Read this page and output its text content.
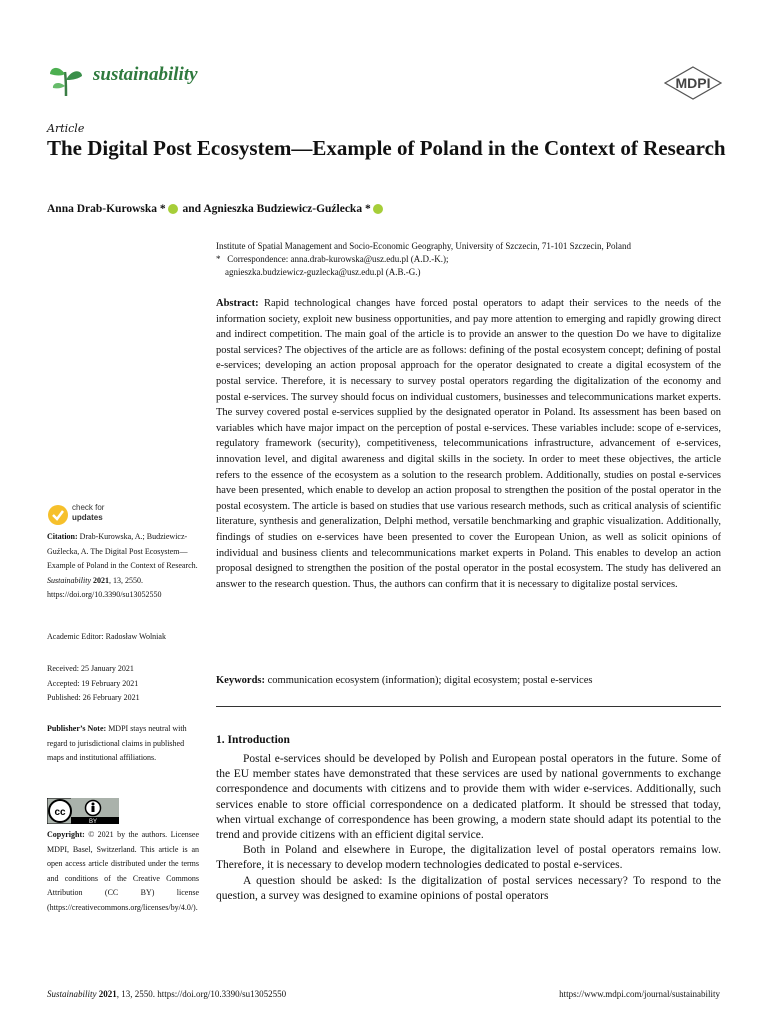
sustainability	MDPI
Article
The Digital Post Ecosystem—Example of Poland in the Context of Research
Anna Drab-Kurowska * and Agnieszka Budziewicz-Guźlecka *
Institute of Spatial Management and Socio-Economic Geography, University of Szczecin, 71-101 Szczecin, Poland
* Correspondence: anna.drab-kurowska@usz.edu.pl (A.D.-K.);
agnieszka.budziewicz-guzlecka@usz.edu.pl (A.B.-G.)
Abstract: Rapid technological changes have forced postal operators to adapt their services to the needs of the information society, exploit new business opportunities, and pay more attention to emerging and rapidly growing direct and indirect competition. The main goal of the article is to provide an answer to the question Do we have to digitalize postal services? The objectives of the article are as follows: defining of the postal ecosystem concept; defining of postal e-services; developing an action proposal approach for the operator designated to create a digital ecosystem of the postal service. Therefore, it is necessary to survey postal operators regarding the digitalization of the economy and postal e-services. The survey should focus on individual customers, businesses and telecommunications market experts. The survey covered postal e-services supplied by the designated operator in Poland. Its assessment has been based on variables which have major impact on the perception of postal e-services. These variables include: scope of e-services, regulatory framework (security), competitiveness, telecommunications infrastructure, advancement of e-services, innovation level, and digital awareness and digital skills in the society. In order to meet these objectives, the article refers to the essence of the ecosystem as a solution to the research problem. Additionally, studies on postal e-services have been presented, which enable to develop an action proposal to strengthen the position of the postal operator in the postal ecosystem. The article is based on studies that use various research methods, such as critical analysis of scientific literature, synthesis and generalization, Delphi method, versatile benchmarking and graphic visualization. Additionally, findings of studies on e-services have been presented to cover the European Union, as well as solicit opinions of individual and business clients and telecommunications market experts in Poland. This enables to develop an action proposal designed to strengthen the position of the postal operator in the postal ecosystem. The study has delivered an answer to the research question. Thus, the authors can confirm that it is necessary to digitalize postal services.
Keywords: communication ecosystem (information); digital ecosystem; postal e-services
1. Introduction

Postal e-services should be developed by Polish and European postal operators in the future. Some of the EU member states have demonstrated that these services are used by national governments to exchange correspondence and documents with citizens and to provide them with wider e-services. Additionally, such services enable to store official correspondence on a dedicated platform. It should be stressed that today, when virtual exchange of correspondence has been growing, a modern state should adapt its potential to the trend and provide citizens with an efficient digital service.

Both in Poland and elsewhere in Europe, the digitalization level of postal operators remains low. Therefore, it is necessary to develop modern technologies dedicated to postal e-services.

A question should be asked: Is the digitalization of postal services necessary? To respond to the question, a survey was designed to examine opinions of postal operators

check for
updates
Citation: Drab-Kurowska, A.; Budziewicz-Guźlecka, A. The Digital Post Ecosystem—Example of Poland in the Context of Research. Sustainability 2021, 13, 2550. https://doi.org/10.3390/su13052550
Academic Editor: Radosław Wolniak
Received: 25 January 2021
Accepted: 19 February 2021
Published: 26 February 2021
Publisher’s Note: MDPI stays neutral with regard to jurisdictional claims in published maps and institutional affiliations.
cc
BY
Copyright: © 2021 by the authors. Licensee MDPI, Basel, Switzerland. This article is an open access article distributed under the terms and conditions of the Creative Commons Attribution (CC BY) license (https://creativecommons.org/licenses/by/4.0/).
Sustainability 2021, 13, 2550. https://doi.org/10.3390/su13052550	https://www.mdpi.com/journal/sustainability
